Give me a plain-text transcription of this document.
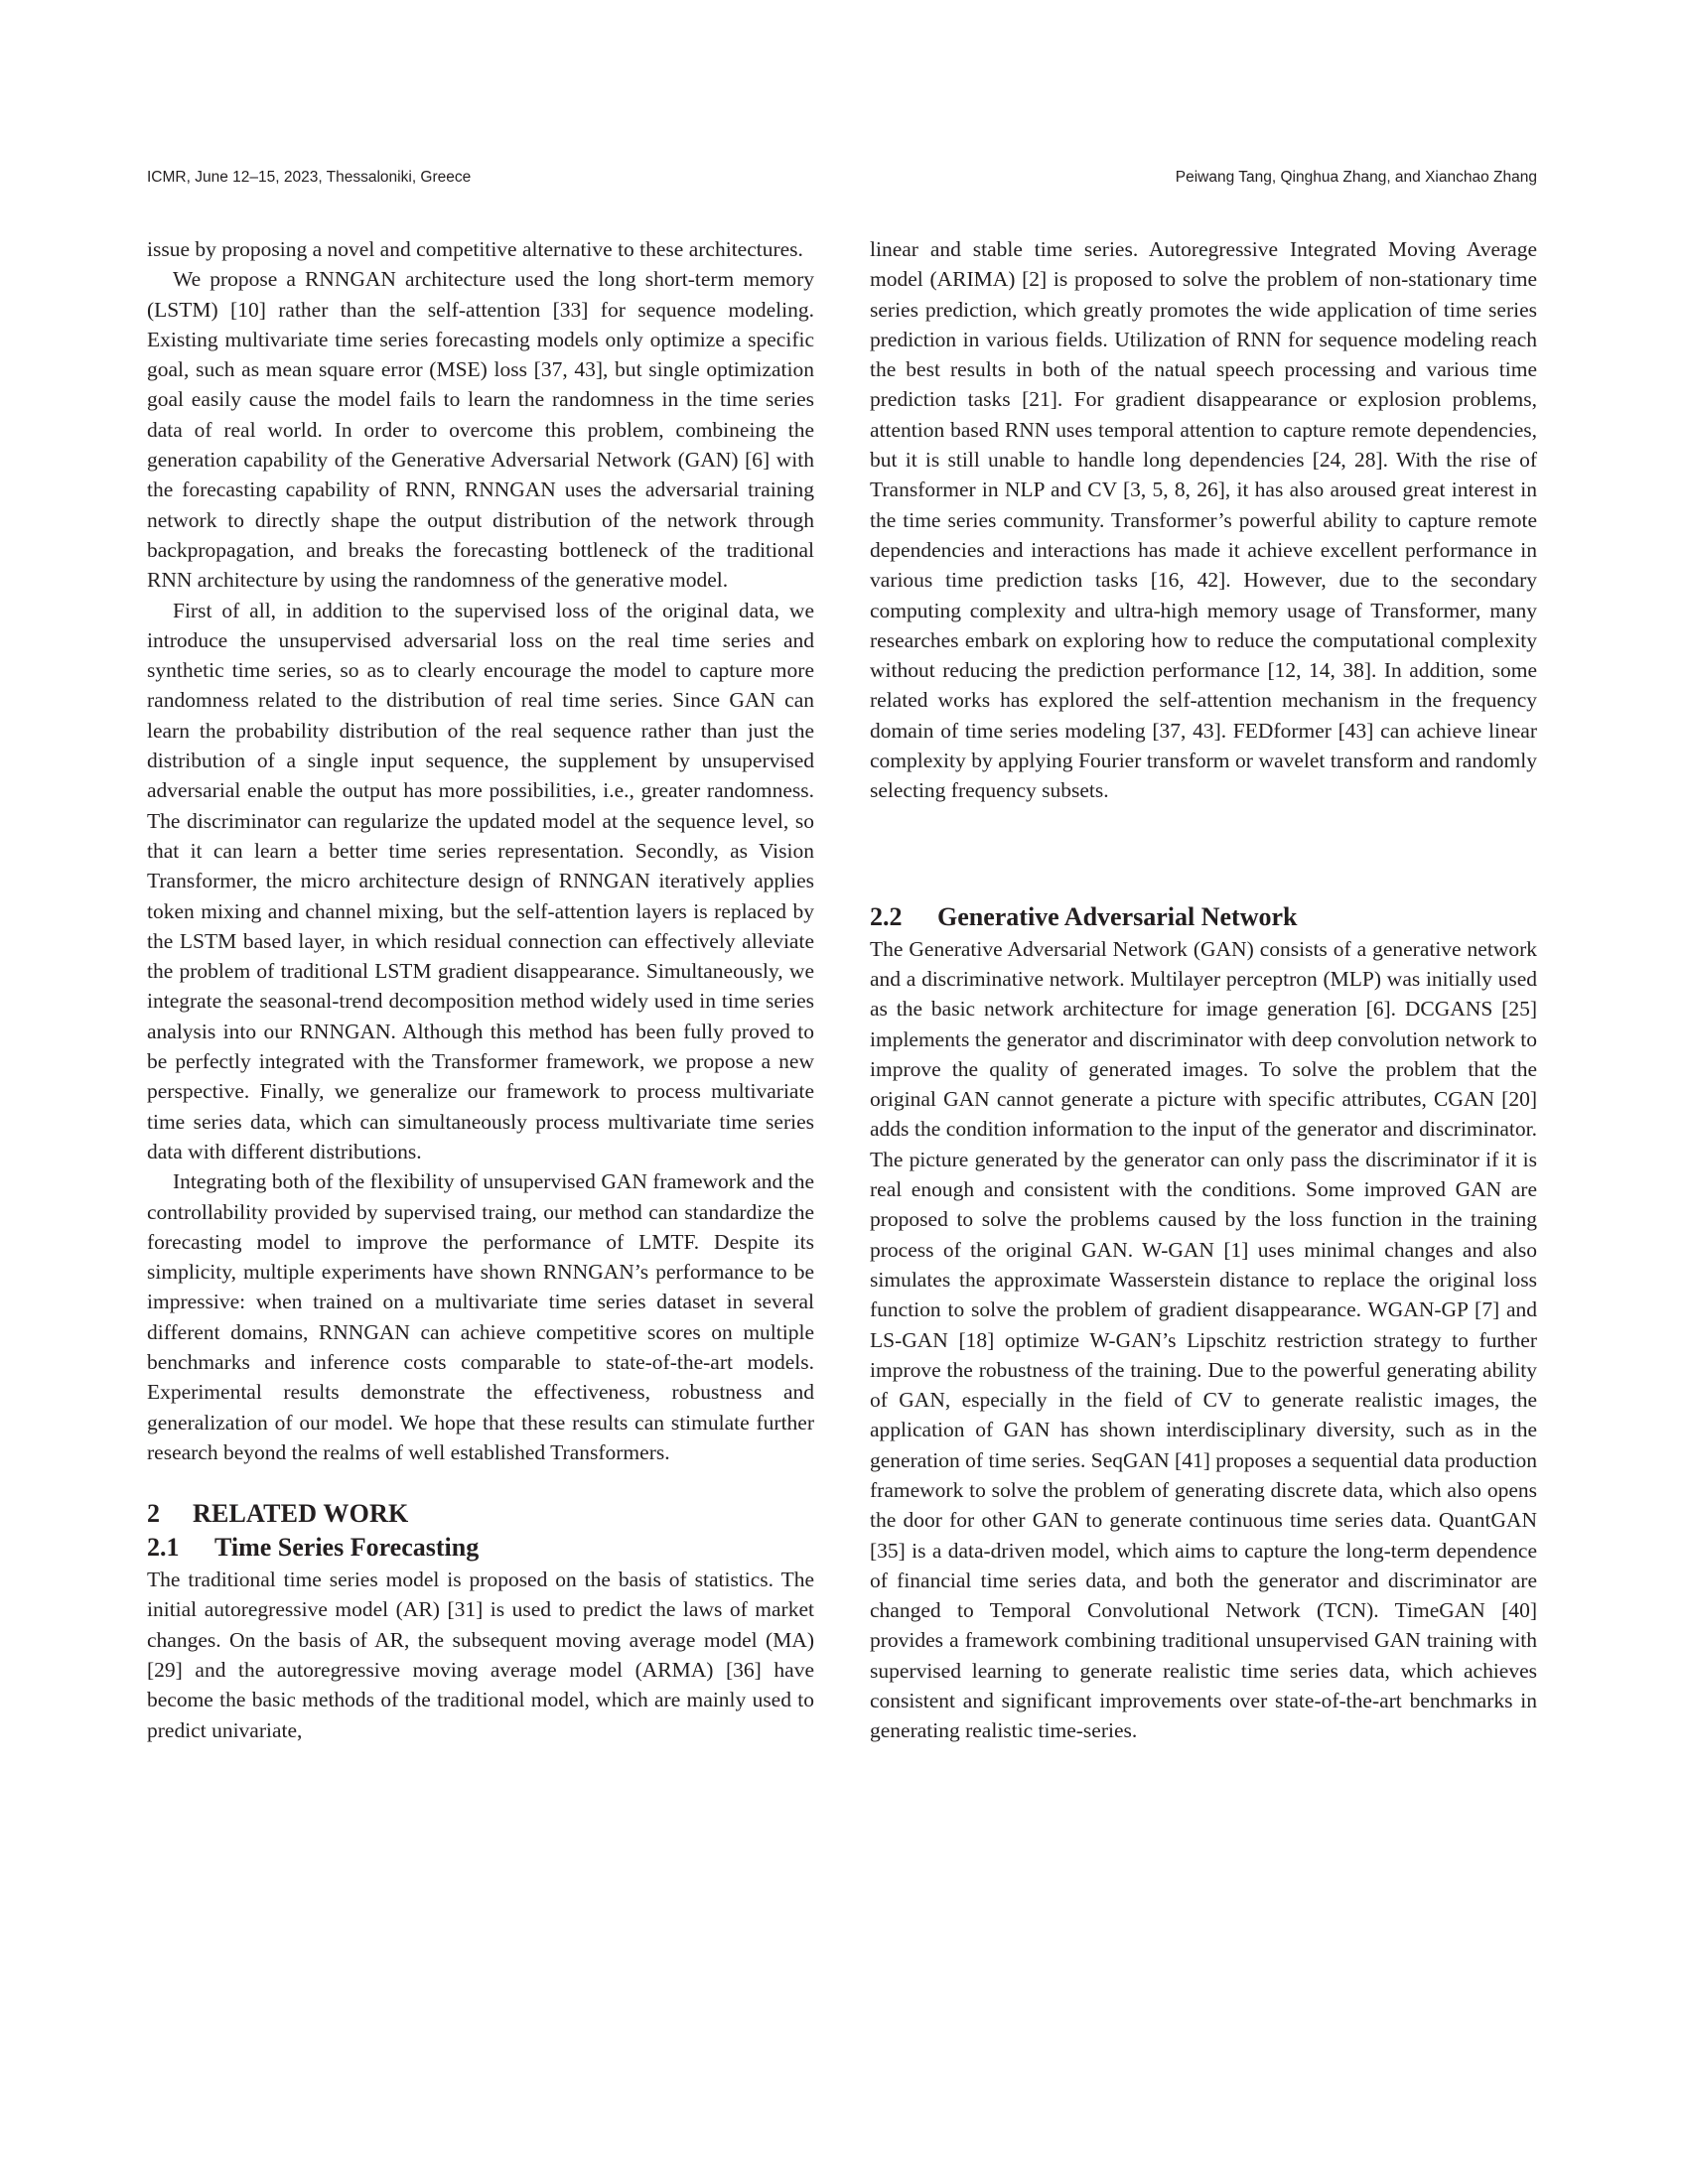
ICMR, June 12–15, 2023, Thessaloniki, Greece	Peiwang Tang, Qinghua Zhang, and Xianchao Zhang

issue by proposing a novel and competitive alternative to these architectures.

We propose a RNNGAN architecture used the long short-term memory (LSTM) [10] rather than the self-attention [33] for sequence modeling. Existing multivariate time series forecasting models only optimize a specific goal, such as mean square error (MSE) loss [37, 43], but single optimization goal easily cause the model fails to learn the randomness in the time series data of real world. In order to overcome this problem, combineing the generation capability of the Generative Adversarial Network (GAN) [6] with the forecasting capability of RNN, RNNGAN uses the adversarial training network to directly shape the output distribution of the network through backpropagation, and breaks the forecasting bottleneck of the traditional RNN architecture by using the randomness of the generative model.

First of all, in addition to the supervised loss of the original data, we introduce the unsupervised adversarial loss on the real time series and synthetic time series, so as to clearly encourage the model to capture more randomness related to the distribution of real time series. Since GAN can learn the probability distribution of the real sequence rather than just the distribution of a single input sequence, the supplement by unsupervised adversarial enable the output has more possibilities, i.e., greater randomness. The discriminator can regularize the updated model at the sequence level, so that it can learn a better time series representation. Secondly, as Vision Transformer, the micro architecture design of RNNGAN iteratively applies token mixing and channel mixing, but the self-attention layers is replaced by the LSTM based layer, in which residual connection can effectively alleviate the problem of traditional LSTM gradient disappearance. Simultaneously, we integrate the seasonal-trend decomposition method widely used in time series analysis into our RNNGAN. Although this method has been fully proved to be perfectly integrated with the Transformer framework, we propose a new perspective. Finally, we generalize our framework to process multivariate time series data, which can simultaneously process multivariate time series data with different distributions.

Integrating both of the flexibility of unsupervised GAN framework and the controllability provided by supervised traing, our method can standardize the forecasting model to improve the performance of LMTF. Despite its simplicity, multiple experiments have shown RNNGAN’s performance to be impressive: when trained on a multivariate time series dataset in several different domains, RNNGAN can achieve competitive scores on multiple benchmarks and inference costs comparable to state-of-the-art models. Experimental results demonstrate the effectiveness, robustness and generalization of our model. We hope that these results can stimulate further research beyond the realms of well established Transformers.

2 RELATED WORK
2.1 Time Series Forecasting

The traditional time series model is proposed on the basis of statistics. The initial autoregressive model (AR) [31] is used to predict the laws of market changes. On the basis of AR, the subsequent moving average model (MA) [29] and the autoregressive moving average model (ARMA) [36] have become the basic methods of the traditional model, which are mainly used to predict univariate,

linear and stable time series. Autoregressive Integrated Moving Average model (ARIMA) [2] is proposed to solve the problem of non-stationary time series prediction, which greatly promotes the wide application of time series prediction in various fields. Utilization of RNN for sequence modeling reach the best results in both of the natual speech processing and various time prediction tasks [21]. For gradient disappearance or explosion problems, attention based RNN uses temporal attention to capture remote dependencies, but it is still unable to handle long dependencies [24, 28]. With the rise of Transformer in NLP and CV [3, 5, 8, 26], it has also aroused great interest in the time series community. Transformer’s powerful ability to capture remote dependencies and interactions has made it achieve excellent performance in various time prediction tasks [16, 42]. However, due to the secondary computing complexity and ultra-high memory usage of Transformer, many researches embark on exploring how to reduce the computational complexity without reducing the prediction performance [12, 14, 38]. In addition, some related works has explored the self-attention mechanism in the frequency domain of time series modeling [37, 43]. FEDformer [43] can achieve linear complexity by applying Fourier transform or wavelet transform and randomly selecting frequency subsets.

2.2 Generative Adversarial Network

The Generative Adversarial Network (GAN) consists of a generative network and a discriminative network. Multilayer perceptron (MLP) was initially used as the basic network architecture for image generation [6]. DCGANS [25] implements the generator and discriminator with deep convolution network to improve the quality of generated images. To solve the problem that the original GAN cannot generate a picture with specific attributes, CGAN [20] adds the condition information to the input of the generator and discriminator. The picture generated by the generator can only pass the discriminator if it is real enough and consistent with the conditions. Some improved GAN are proposed to solve the problems caused by the loss function in the training process of the original GAN. W-GAN [1] uses minimal changes and also simulates the approximate Wasserstein distance to replace the original loss function to solve the problem of gradient disappearance. WGAN-GP [7] and LS-GAN [18] optimize W-GAN’s Lipschitz restriction strategy to further improve the robustness of the training. Due to the powerful generating ability of GAN, especially in the field of CV to generate realistic images, the application of GAN has shown interdisciplinary diversity, such as in the generation of time series. SeqGAN [41] proposes a sequential data production framework to solve the problem of generating discrete data, which also opens the door for other GAN to generate continuous time series data. QuantGAN [35] is a data-driven model, which aims to capture the long-term dependence of financial time series data, and both the generator and discriminator are changed to Temporal Convolutional Network (TCN). TimeGAN [40] provides a framework combining traditional unsupervised GAN training with supervised learning to generate realistic time series data, which achieves consistent and significant improvements over state-of-the-art benchmarks in generating realistic time-series.
